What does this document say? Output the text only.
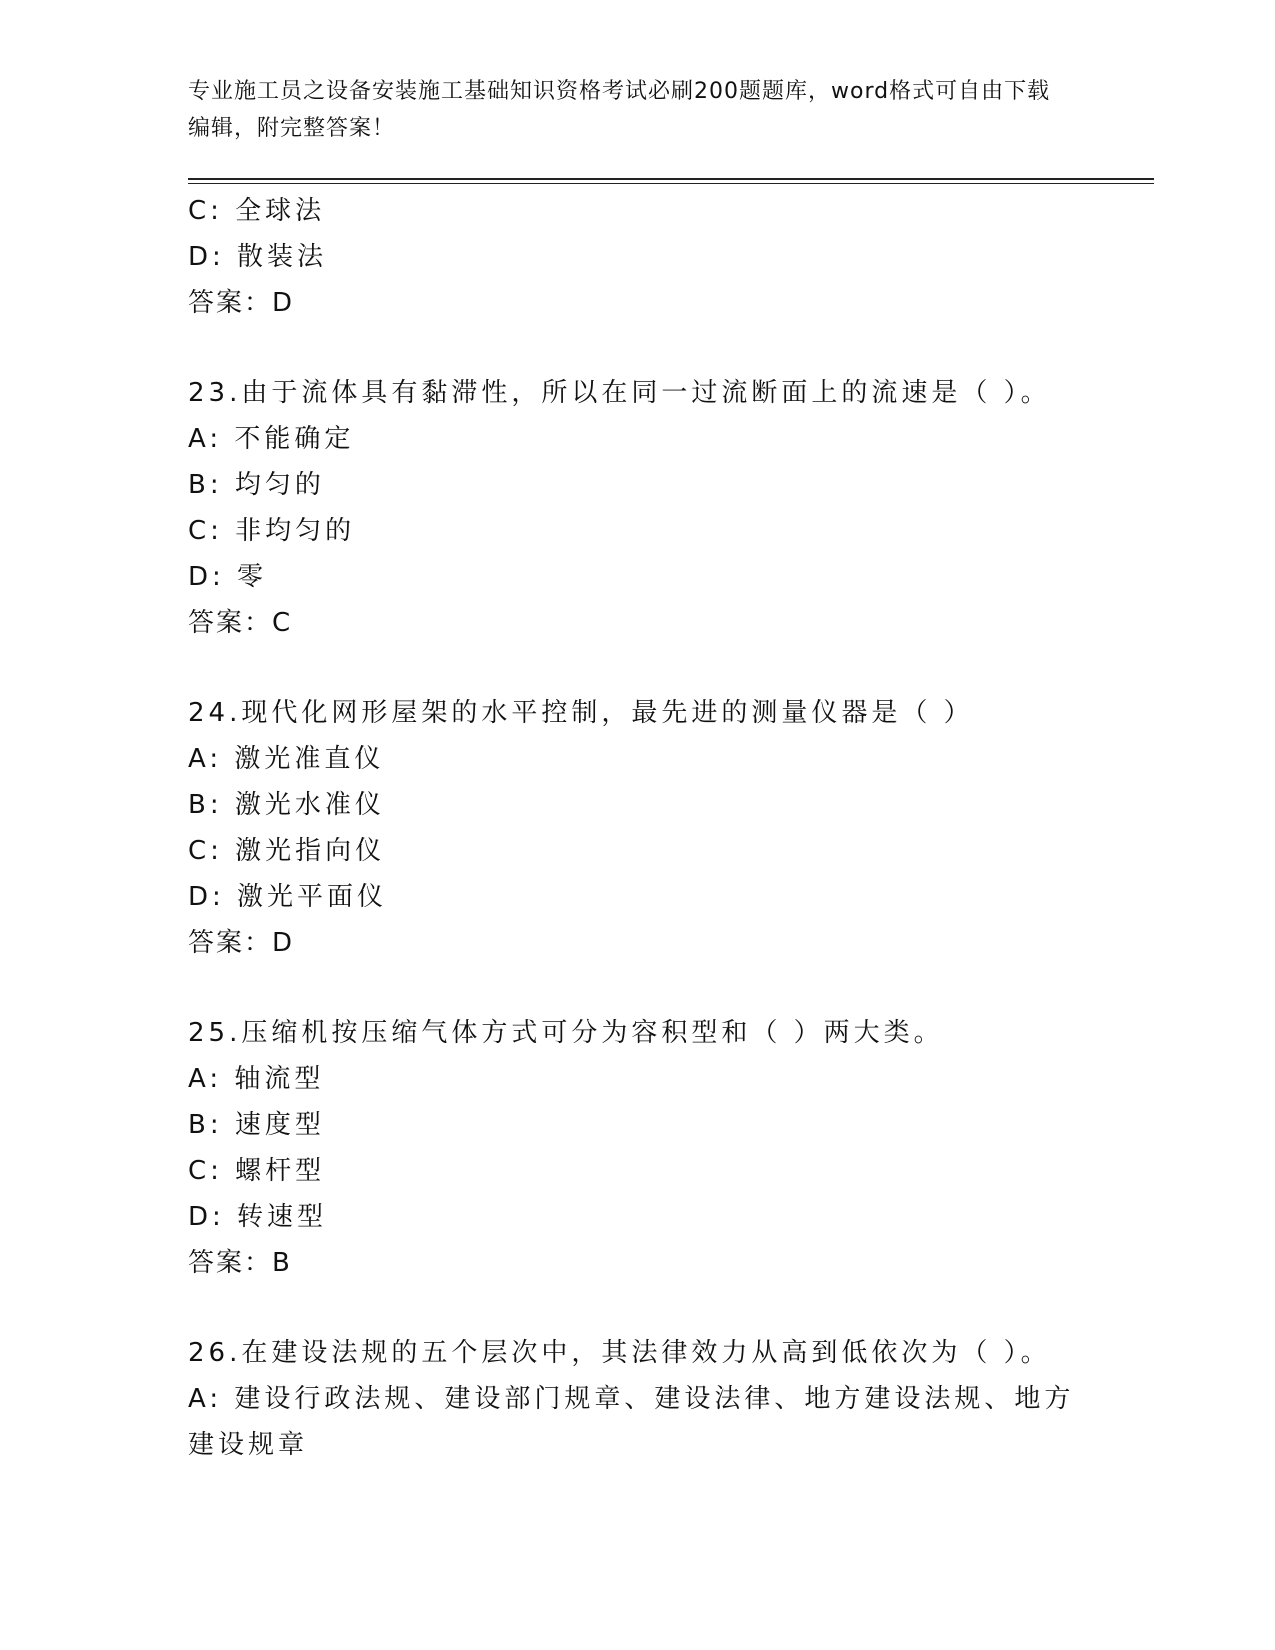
专业施工员之设备安装施工基础知识资格考试必刷200题题库，word格式可自由下载编辑，附完整答案！
C: 全球法
D: 散装法
答案：D
23.由于流体具有黏滞性，所以在同一过流断面上的流速是（ ）。
A: 不能确定
B: 均匀的
C: 非均匀的
D: 零
答案：C
24.现代化网形屋架的水平控制，最先进的测量仪器是（ ）
A: 激光准直仪
B: 激光水准仪
C: 激光指向仪
D: 激光平面仪
答案：D
25.压缩机按压缩气体方式可分为容积型和（ ）两大类。
A: 轴流型
B: 速度型
C: 螺杆型
D: 转速型
答案：B
26.在建设法规的五个层次中，其法律效力从高到低依次为（ ）。
A: 建设行政法规、建设部门规章、建设法律、地方建设法规、地方建设规章
